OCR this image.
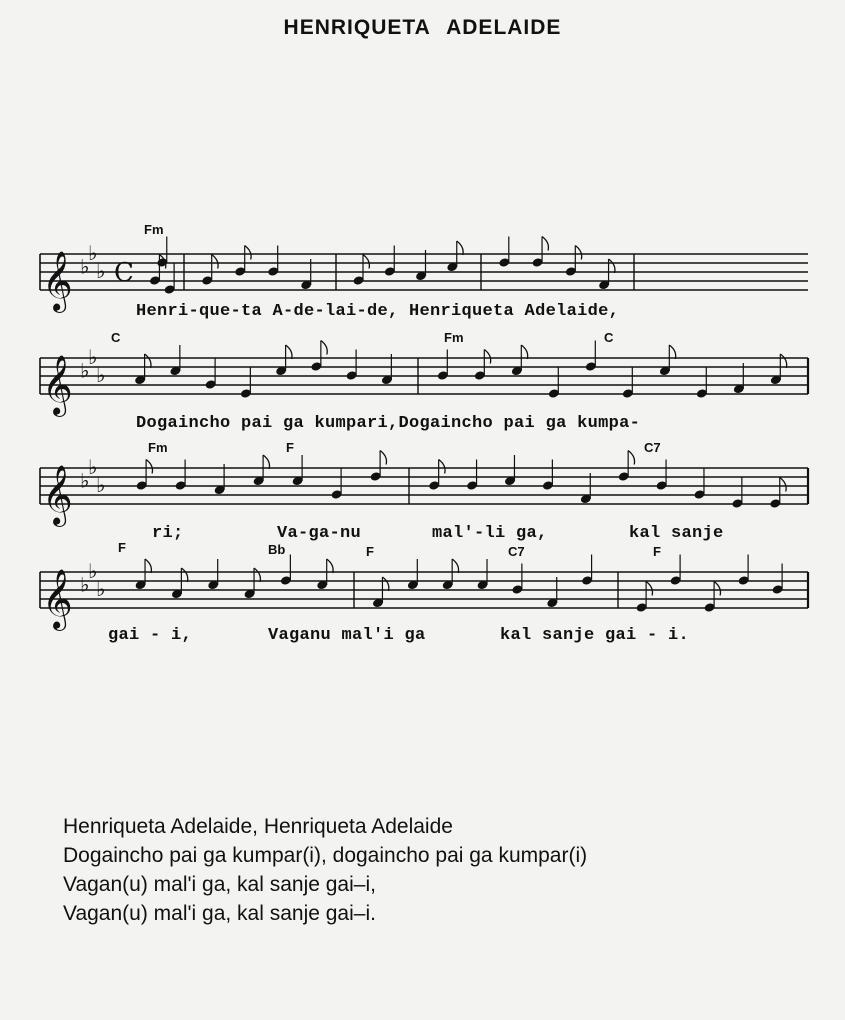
HENRIQUETA ADELAIDE
Fm
𝄞 ♭
♭
♭ C
Henri-que-ta A-de-lai-de, Henriqueta Adelaide,
C	Fm	C
𝄞 ♭
♭
♭
Dogaincho pai ga kumpari,Dogaincho pai ga kumpa-
Fm	F	C7
𝄞 ♭
♭
♭
ri;	Va-ga-nu	mal'-li ga,	kal sanje
F	Bb	F	C7	F
𝄞 ♭
♭
♭
gai - i,	Vaganu mal'i ga	kal sanje gai - i.
Henriqueta Adelaide, Henriqueta Adelaide
Dogaincho pai ga kumpar(i), dogaincho pai ga kumpar(i)
Vagan(u) mal'i ga, kal sanje gai–i,
Vagan(u) mal'i ga, kal sanje gai–i.
